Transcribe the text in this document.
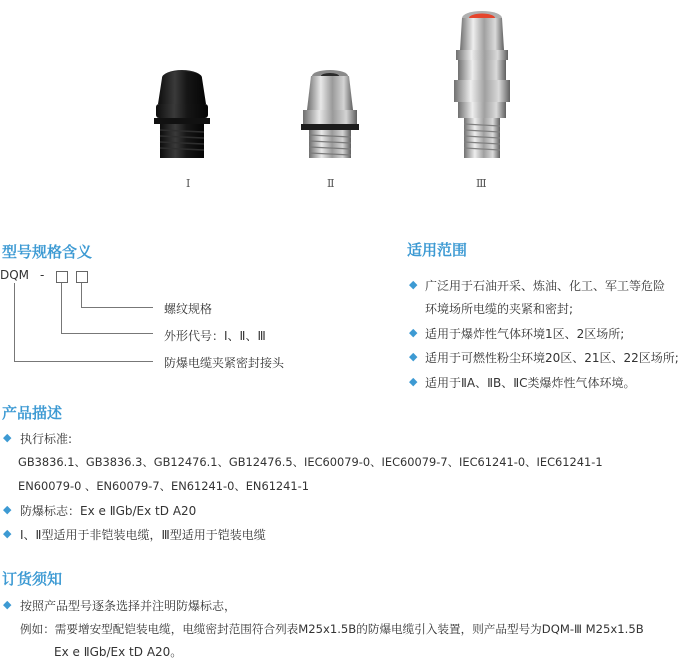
Ⅰ	Ⅱ	Ⅲ
型号规格含义
DQM -
螺纹规格
外形代号：Ⅰ、Ⅱ、Ⅲ
防爆电缆夹紧密封接头
适用范围
◆ 广泛用于石油开采、炼油、化工、军工等危险
环境场所电缆的夹紧和密封;
◆ 适用于爆炸性气体环境1区、2区场所;
◆ 适用于可燃性粉尘环境20区、21区、22区场所;
◆ 适用于ⅡA、ⅡB、ⅡC类爆炸性气体环境。
产品描述
◆ 执行标准:
GB3836.1、GB3836.3、GB12476.1、GB12476.5、IEC60079-0、IEC60079-7、IEC61241-0、IEC61241-1
EN60079-0 、EN60079-7、EN61241-0、EN61241-1
◆ 防爆标志：Ex e ⅡGb/Ex tD A20
◆ Ⅰ、Ⅱ型适用于非铠装电缆，Ⅲ型适用于铠装电缆
订货须知
◆ 按照产品型号逐条选择并注明防爆标志，
例如：需要增安型配铠装电缆，电缆密封范围符合列表M25x1.5B的防爆电缆引入装置，则产品型号为DQM-Ⅲ M25x1.5B
Ex e ⅡGb/Ex tD A20。
